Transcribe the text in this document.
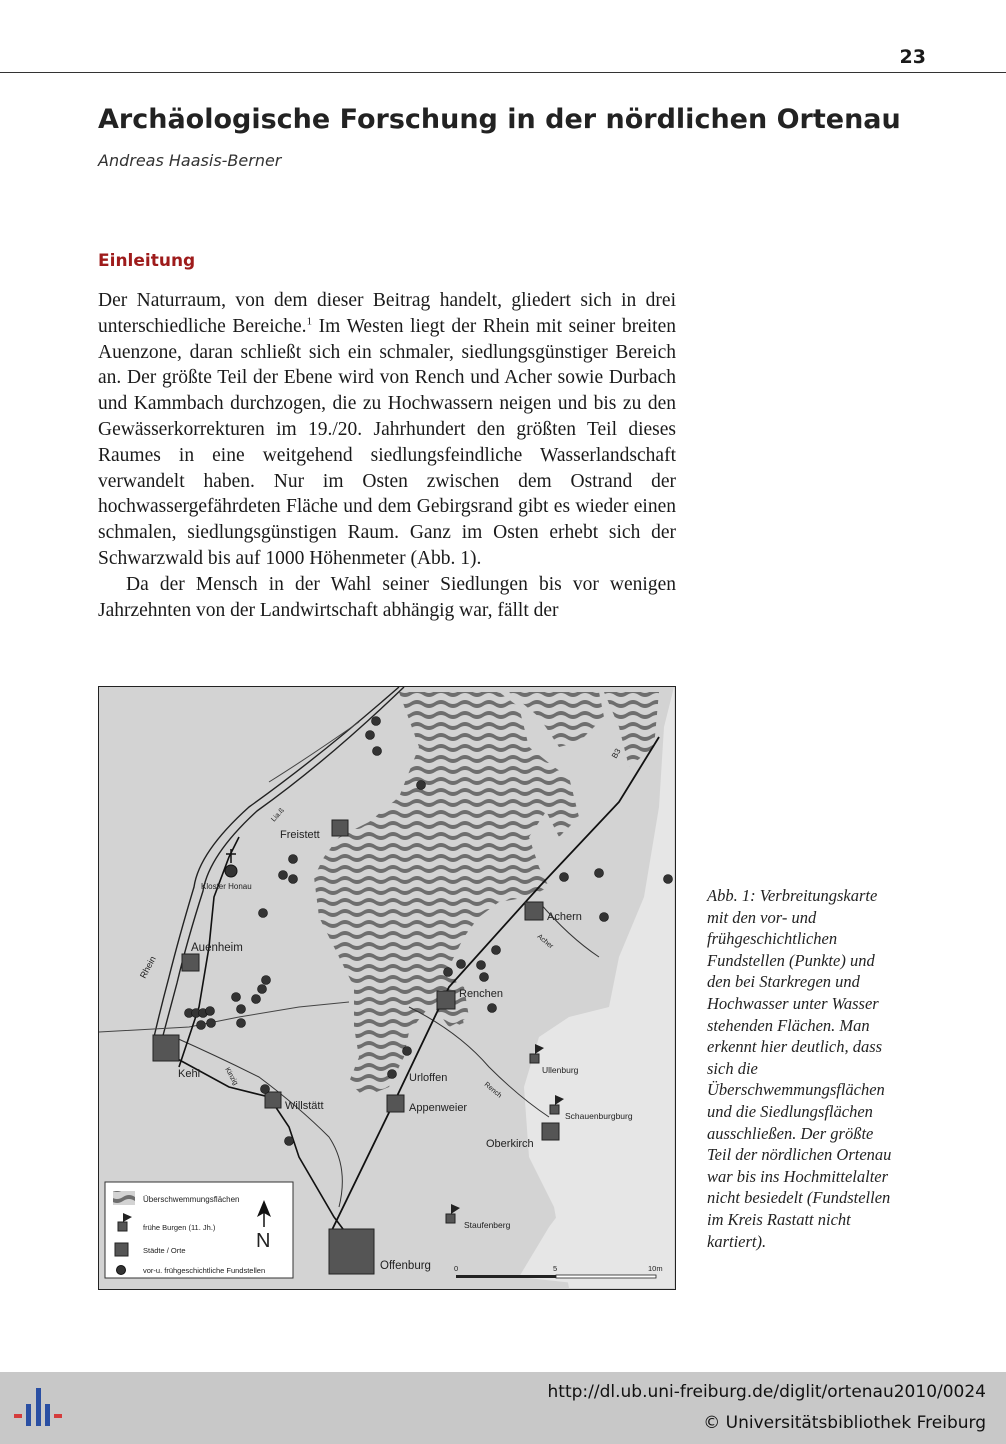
23
Archäologische Forschung in der nördlichen Ortenau
Andreas Haasis-Berner
Einleitung

Der Naturraum, von dem dieser Beitrag handelt, gliedert sich in drei unterschiedliche Bereiche.$^1$ Im Westen liegt der Rhein mit seiner breiten Auenzone, daran schließt sich ein schmaler, siedlungsgünstiger Bereich an. Der größte Teil der Ebene wird von Rench und Acher sowie Durbach und Kammbach durchzogen, die zu Hochwassern neigen und bis zu den Gewässerkorrekturen im 19./20. Jahrhundert den größten Teil dieses Raumes in eine weitgehend siedlungsfeindliche Wasserlandschaft verwandelt haben. Nur im Osten zwischen dem Ostrand der hochwassergefährdeten Fläche und dem Gebirgsrand gibt es wieder einen schmalen, siedlungsgünstigen Raum. Ganz im Osten erhebt sich der Schwarzwald bis auf 1000 Höhenmeter (Abb. 1).

Da der Mensch in der Wahl seiner Siedlungen bis vor wenigen Jahrzehnten von der Landwirtschaft abhängig war, fällt der

Freistett
Kloster Honau
Auenheim
Kehl
Willstätt
Achern
Renchen
Urloffen
Appenweier
Oberkirch
Offenburg
Ullenburg
Schauenburgburg
Staufenberg
Rhein
Kinzig
Rench
Acher
B3
Lia.ß
Überschwemmungsflächen
frühe Burgen (11. Jh.)
Städte / Orte
vor-u. frühgeschichtliche Fundstellen
N
0	5	10m
Abb. 1: Verbreitungskarte mit den vor- und frühgeschichtlichen Fundstellen (Punkte) und den bei Starkregen und Hochwasser unter Wasser stehenden Flächen. Man erkennt hier deutlich, dass sich die Überschwemmungsflächen und die Siedlungsflächen ausschließen. Der größte Teil der nördlichen Ortenau war bis ins Hochmittelalter nicht besiedelt (Fundstellen im Kreis Rastatt nicht kartiert).
http://dl.ub.uni-freiburg.de/diglit/ortenau2010/0024
© Universitätsbibliothek Freiburg
